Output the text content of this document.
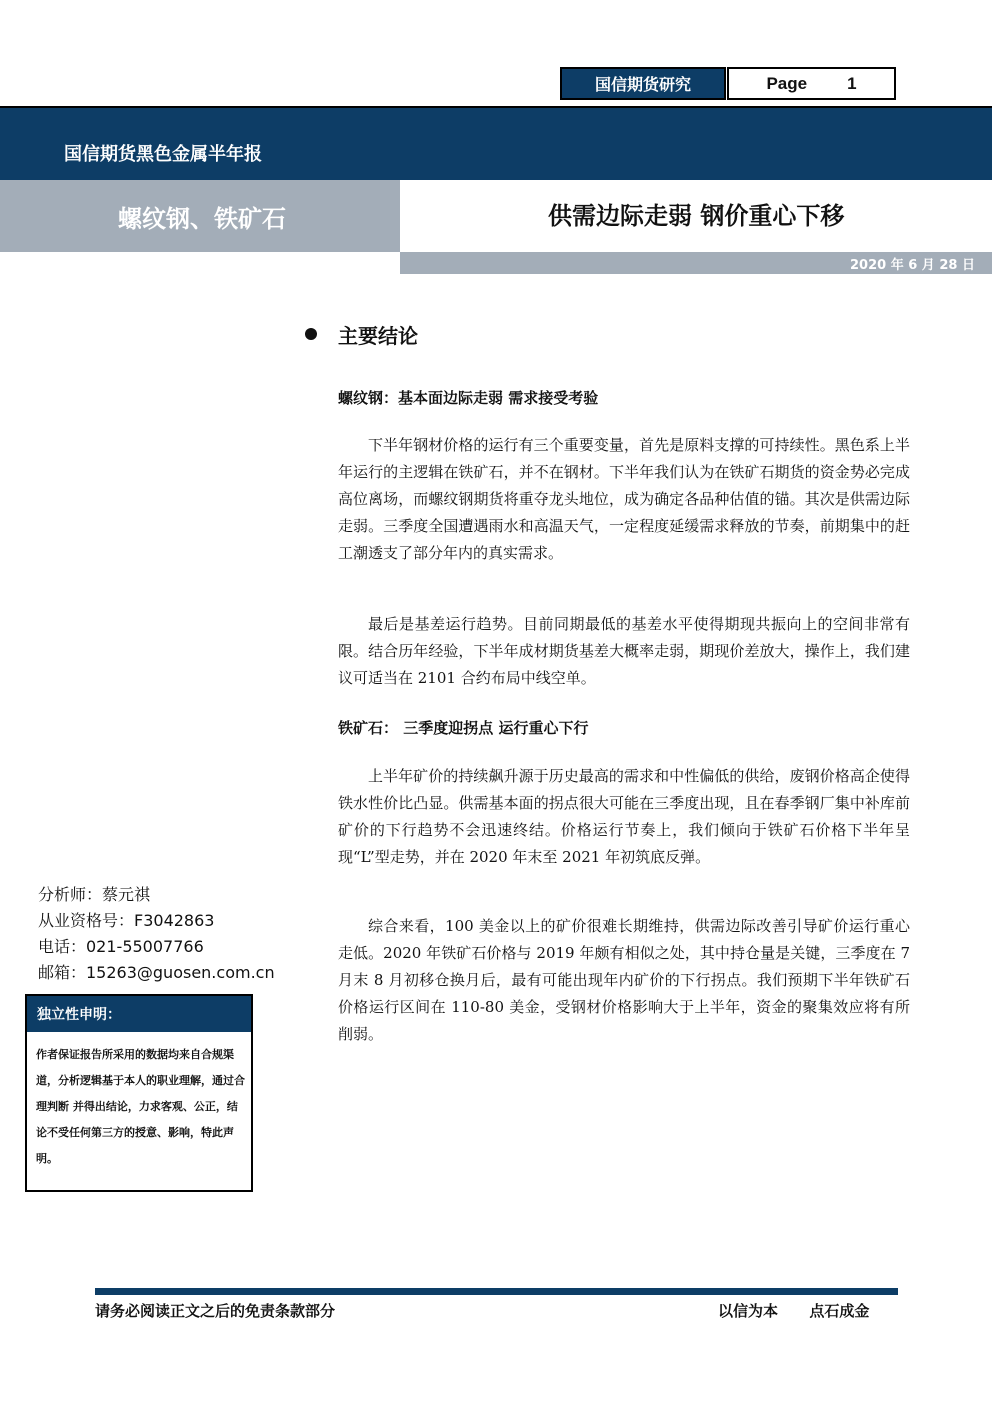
国信期货研究	Page 1
国信期货黑色金属半年报
螺纹钢、铁矿石	供需边际走弱 钢价重心下移
2020 年 6 月 28 日
主要结论
螺纹钢：基本面边际走弱 需求接受考验

下半年钢材价格的运行有三个重要变量，首先是原料支撑的可持续性。黑色系上半年运行的主逻辑在铁矿石，并不在钢材。下半年我们认为在铁矿石期货的资金势必完成高位离场，而螺纹钢期货将重夺龙头地位，成为确定各品种估值的锚。其次是供需边际走弱。三季度全国遭遇雨水和高温天气，一定程度延缓需求释放的节奏，前期集中的赶工潮透支了部分年内的真实需求。

最后是基差运行趋势。目前同期最低的基差水平使得期现共振向上的空间非常有限。结合历年经验，下半年成材期货基差大概率走弱，期现价差放大，操作上，我们建议可适当在 2101 合约布局中线空单。

铁矿石： 三季度迎拐点 运行重心下行

上半年矿价的持续飙升源于历史最高的需求和中性偏低的供给，废钢价格高企使得铁水性价比凸显。供需基本面的拐点很大可能在三季度出现，且在春季钢厂集中补库前矿价的下行趋势不会迅速终结。价格运行节奏上，我们倾向于铁矿石价格下半年呈现“L”型走势，并在 2020 年末至 2021 年初筑底反弹。

综合来看，100 美金以上的矿价很难长期维持，供需边际改善引导矿价运行重心走低。2020 年铁矿石价格与 2019 年颇有相似之处，其中持仓量是关键，三季度在 7 月末 8 月初移仓换月后，最有可能出现年内矿价的下行拐点。我们预期下半年铁矿石价格运行区间在 110-80 美金，受钢材价格影响大于上半年，资金的聚集效应将有所削弱。

分析师：蔡元祺
从业资格号：F3042863
电话：021-55007766
邮箱：15263@guosen.com.cn
独立性申明：

作者保证报告所采用的数据均来自合规渠道，分析逻辑基于本人的职业理解，通过合理判断 并得出结论，力求客观、公正，结论不受任何第三方的授意、影响，特此声明。

请务必阅读正文之后的免责条款部分	以信为本      点石成金
